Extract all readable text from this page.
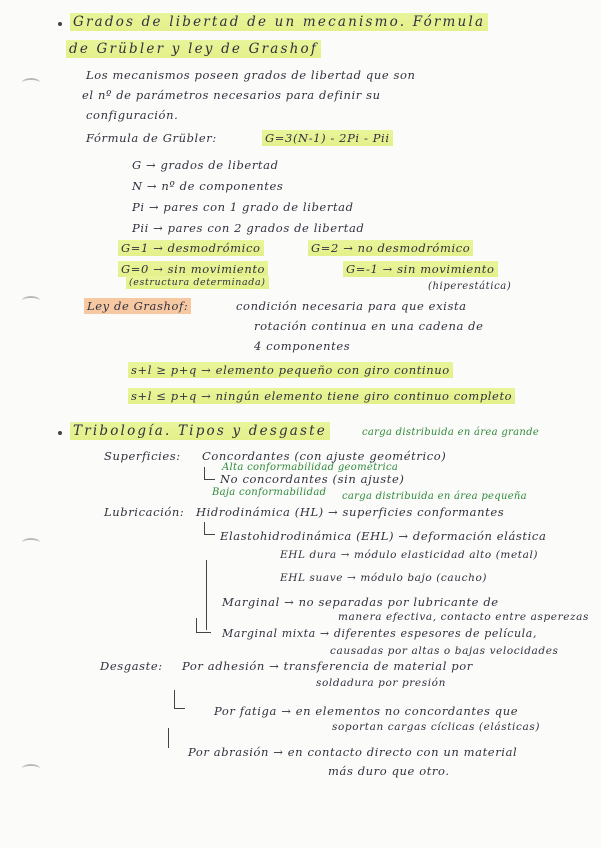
Grados de libertad de un mecanismo. Fórmula
de Grübler y ley de Grashof
Los mecanismos poseen grados de libertad que son
el nº de parámetros necesarios para definir su
configuración.
Fórmula de Grübler:	G=3(N-1) - 2Pi - Pii
G → grados de libertad
N → nº de componentes
Pi → pares con 1 grado de libertad
Pii → pares con 2 grados de libertad
G=1 → desmodrómico	G=2 → no desmodrómico
G=0 → sin movimiento
(estructura determinada)
G=-1 → sin movimiento
(hiperestática)
Ley de Grashof:	condición necesaria para que exista
rotación continua en una cadena de
4 componentes
s+l ≥ p+q → elemento pequeño con giro continuo
s+l ≤ p+q → ningún elemento tiene giro continuo completo
Tribología. Tipos y desgaste	carga distribuida en área grande
Superficies: Concordantes (con ajuste geométrico)
Alta conformabilidad geométrica
No concordantes (sin ajuste)
Baja conformabilidad carga distribuida en área pequeña
Lubricación: Hidrodinámica (HL) → superficies conformantes
Elastohidrodinámica (EHL) → deformación elástica
EHL dura → módulo elasticidad alto (metal)
EHL suave → módulo bajo (caucho)
Marginal → no separadas por lubricante de
manera efectiva, contacto entre asperezas
Marginal mixta → diferentes espesores de película,
causadas por altas o bajas velocidades
Desgaste: Por adhesión → transferencia de material por
soldadura por presión
Por fatiga → en elementos no concordantes que
soportan cargas cíclicas (elásticas)
Por abrasión → en contacto directo con un material
más duro que otro.
